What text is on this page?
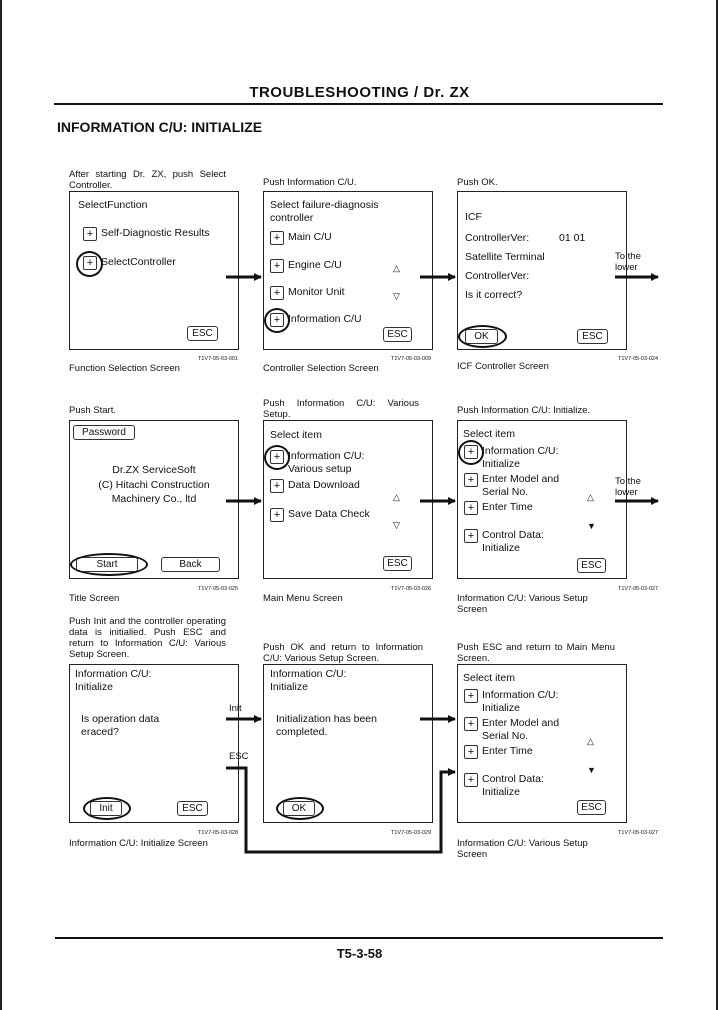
TROUBLESHOOTING / Dr. ZX
INFORMATION C/U: INITIALIZE
After starting Dr. ZX, push Select Controller.
SelectFunction
+ Self-Diagnostic Results
+ SelectController
ESC
T1V7-05-03-001
Function Selection Screen
Push Information C/U.
Select failure-diagnosis
controller
+ Main C/U
+ Engine C/U	△
+ Monitor Unit	▽
+ Information C/U
ESC
T1V7-05-03-009
Controller Selection Screen
Push OK.
ICF
ControllerVer:	01 01
Satellite Terminal
ControllerVer:
Is it correct?
OK	ESC
To the
lower
T1V7-05-03-024
ICF Controller Screen
Push Start.
Password
Dr.ZX ServiceSoft
(C) Hitachi Construction
Machinery Co., ltd
Start	Back
T1V7-05-03-025
Title Screen
Push Information C/U: Various Setup.
Select item
+ Information C/U:
Various setup
+ Data Download
△
+ Save Data Check
▽
ESC
T1V7-05-03-026
Main Menu Screen
Push Information C/U: Initialize.
Select item
+ Information C/U:
Initialize
+ Enter Model and
Serial No.	△
+ Enter Time
▼
+ Control Data:
Initialize
ESC
To the
lower
T1V7-05-03-027
Information C/U: Various Setup Screen
Push Init and the controller operating data is initialied. Push ESC and return to Information C/U: Various Setup Screen.
Information C/U:
Initialize
Is operation data
eraced?
Init	ESC
Init
ESC
T1V7-05-03-028
Information C/U: Initialize Screen
Push OK and return to Information C/U: Various Setup Screen.
Information C/U:
Initialize
Initialization has been
completed.
OK
T1V7-05-03-029
Push ESC and return to Main Menu Screen.
Select item
+ Information C/U:
Initialize
+ Enter Model and
Serial No.	△
+ Enter Time
▼
+ Control Data:
Initialize
ESC
T1V7-05-03-027
Information C/U: Various Setup Screen
T5-3-58
